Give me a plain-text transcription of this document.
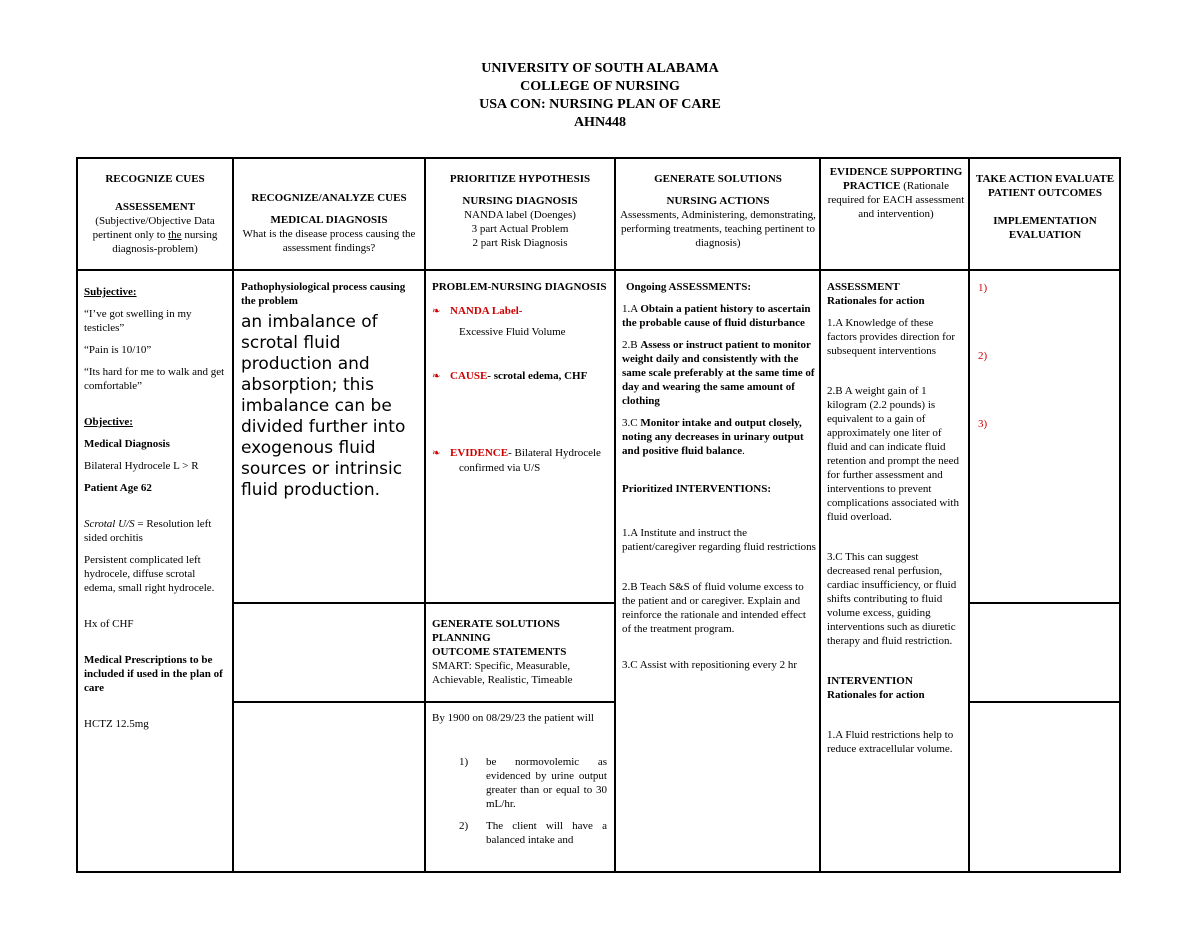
UNIVERSITY OF SOUTH ALABAMA
COLLEGE OF NURSING
USA CON: NURSING PLAN OF CARE
AHN448

RECOGNIZE CUES

ASSESSEMENT

(Subjective/Objective Data pertinent only to the nursing diagnosis-problem)

RECOGNIZE/ANALYZE CUES

MEDICAL DIAGNOSIS

What is the disease process causing the assessment findings?

PRIORITIZE HYPOTHESIS

NURSING DIAGNOSIS

NANDA label (Doenges)

3 part Actual Problem

2 part Risk Diagnosis

GENERATE SOLUTIONS

NURSING ACTIONS

Assessments, Administering, demonstrating, performing treatments, teaching pertinent to diagnosis)

EVIDENCE SUPPORTING PRACTICE (Rationale required for EACH assessment and intervention)

TAKE ACTION EVALUATE PATIENT OUTCOMES

IMPLEMENTATION EVALUATION

Subjective:

“I’ve got swelling in my testicles”

“Pain is 10/10”

“Its hard for me to walk and get comfortable”

Objective:

Medical Diagnosis

Bilateral Hydrocele L > R

Patient Age 62

Scrotal U/S = Resolution left sided orchitis

Persistent complicated left hydrocele, diffuse scrotal edema, small right hydrocele.

Hx of CHF

Medical Prescriptions to be included if used in the plan of care

HCTZ 12.5mg

Pathophysiological process causing the problem

an imbalance of scrotal fluid production and absorption; this imbalance can be divided further into exogenous fluid sources or intrinsic fluid production.

PROBLEM-NURSING DIAGNOSIS

❧ NANDA Label-

Excessive Fluid Volume

❧ CAUSE- scrotal edema, CHF

❧ EVIDENCE- Bilateral Hydrocele confirmed via U/S

GENERATE SOLUTIONS

PLANNING

OUTCOME STATEMENTS

SMART: Specific, Measurable, Achievable, Realistic, Timeable

By 1900 on 08/29/23 the patient will

1)	be normovolemic as evidenced by urine output greater than or equal to 30 mL/hr.

2)	The client will have a balanced intake and

Ongoing ASSESSMENTS:

1.A Obtain a patient history to ascertain the probable cause of fluid disturbance

2.B Assess or instruct patient to monitor weight daily and consistently with the same scale preferably at the same time of day and wearing the same amount of clothing

3.C Monitor intake and output closely, noting any decreases in urinary output and positive fluid balance.

Prioritized INTERVENTIONS:

1.A Institute and instruct the patient/caregiver regarding fluid restrictions

2.B Teach S&S of fluid volume excess to the patient and or caregiver. Explain and reinforce the rationale and intended effect of the treatment program.

3.C Assist with repositioning every 2 hr

ASSESSMENT

Rationales for action

1.A Knowledge of these factors provides direction for subsequent interventions

2.B A weight gain of 1 kilogram (2.2 pounds) is equivalent to a gain of approximately one liter of fluid and can indicate fluid retention and prompt the need for further assessment and interventions to prevent complications associated with fluid overload.

3.C This can suggest decreased renal perfusion, cardiac insufficiency, or fluid shifts contributing to fluid volume excess, guiding interventions such as diuretic therapy and fluid restriction.

INTERVENTION

Rationales for action

1.A Fluid restrictions help to reduce extracellular volume.

1)

2)

3)
